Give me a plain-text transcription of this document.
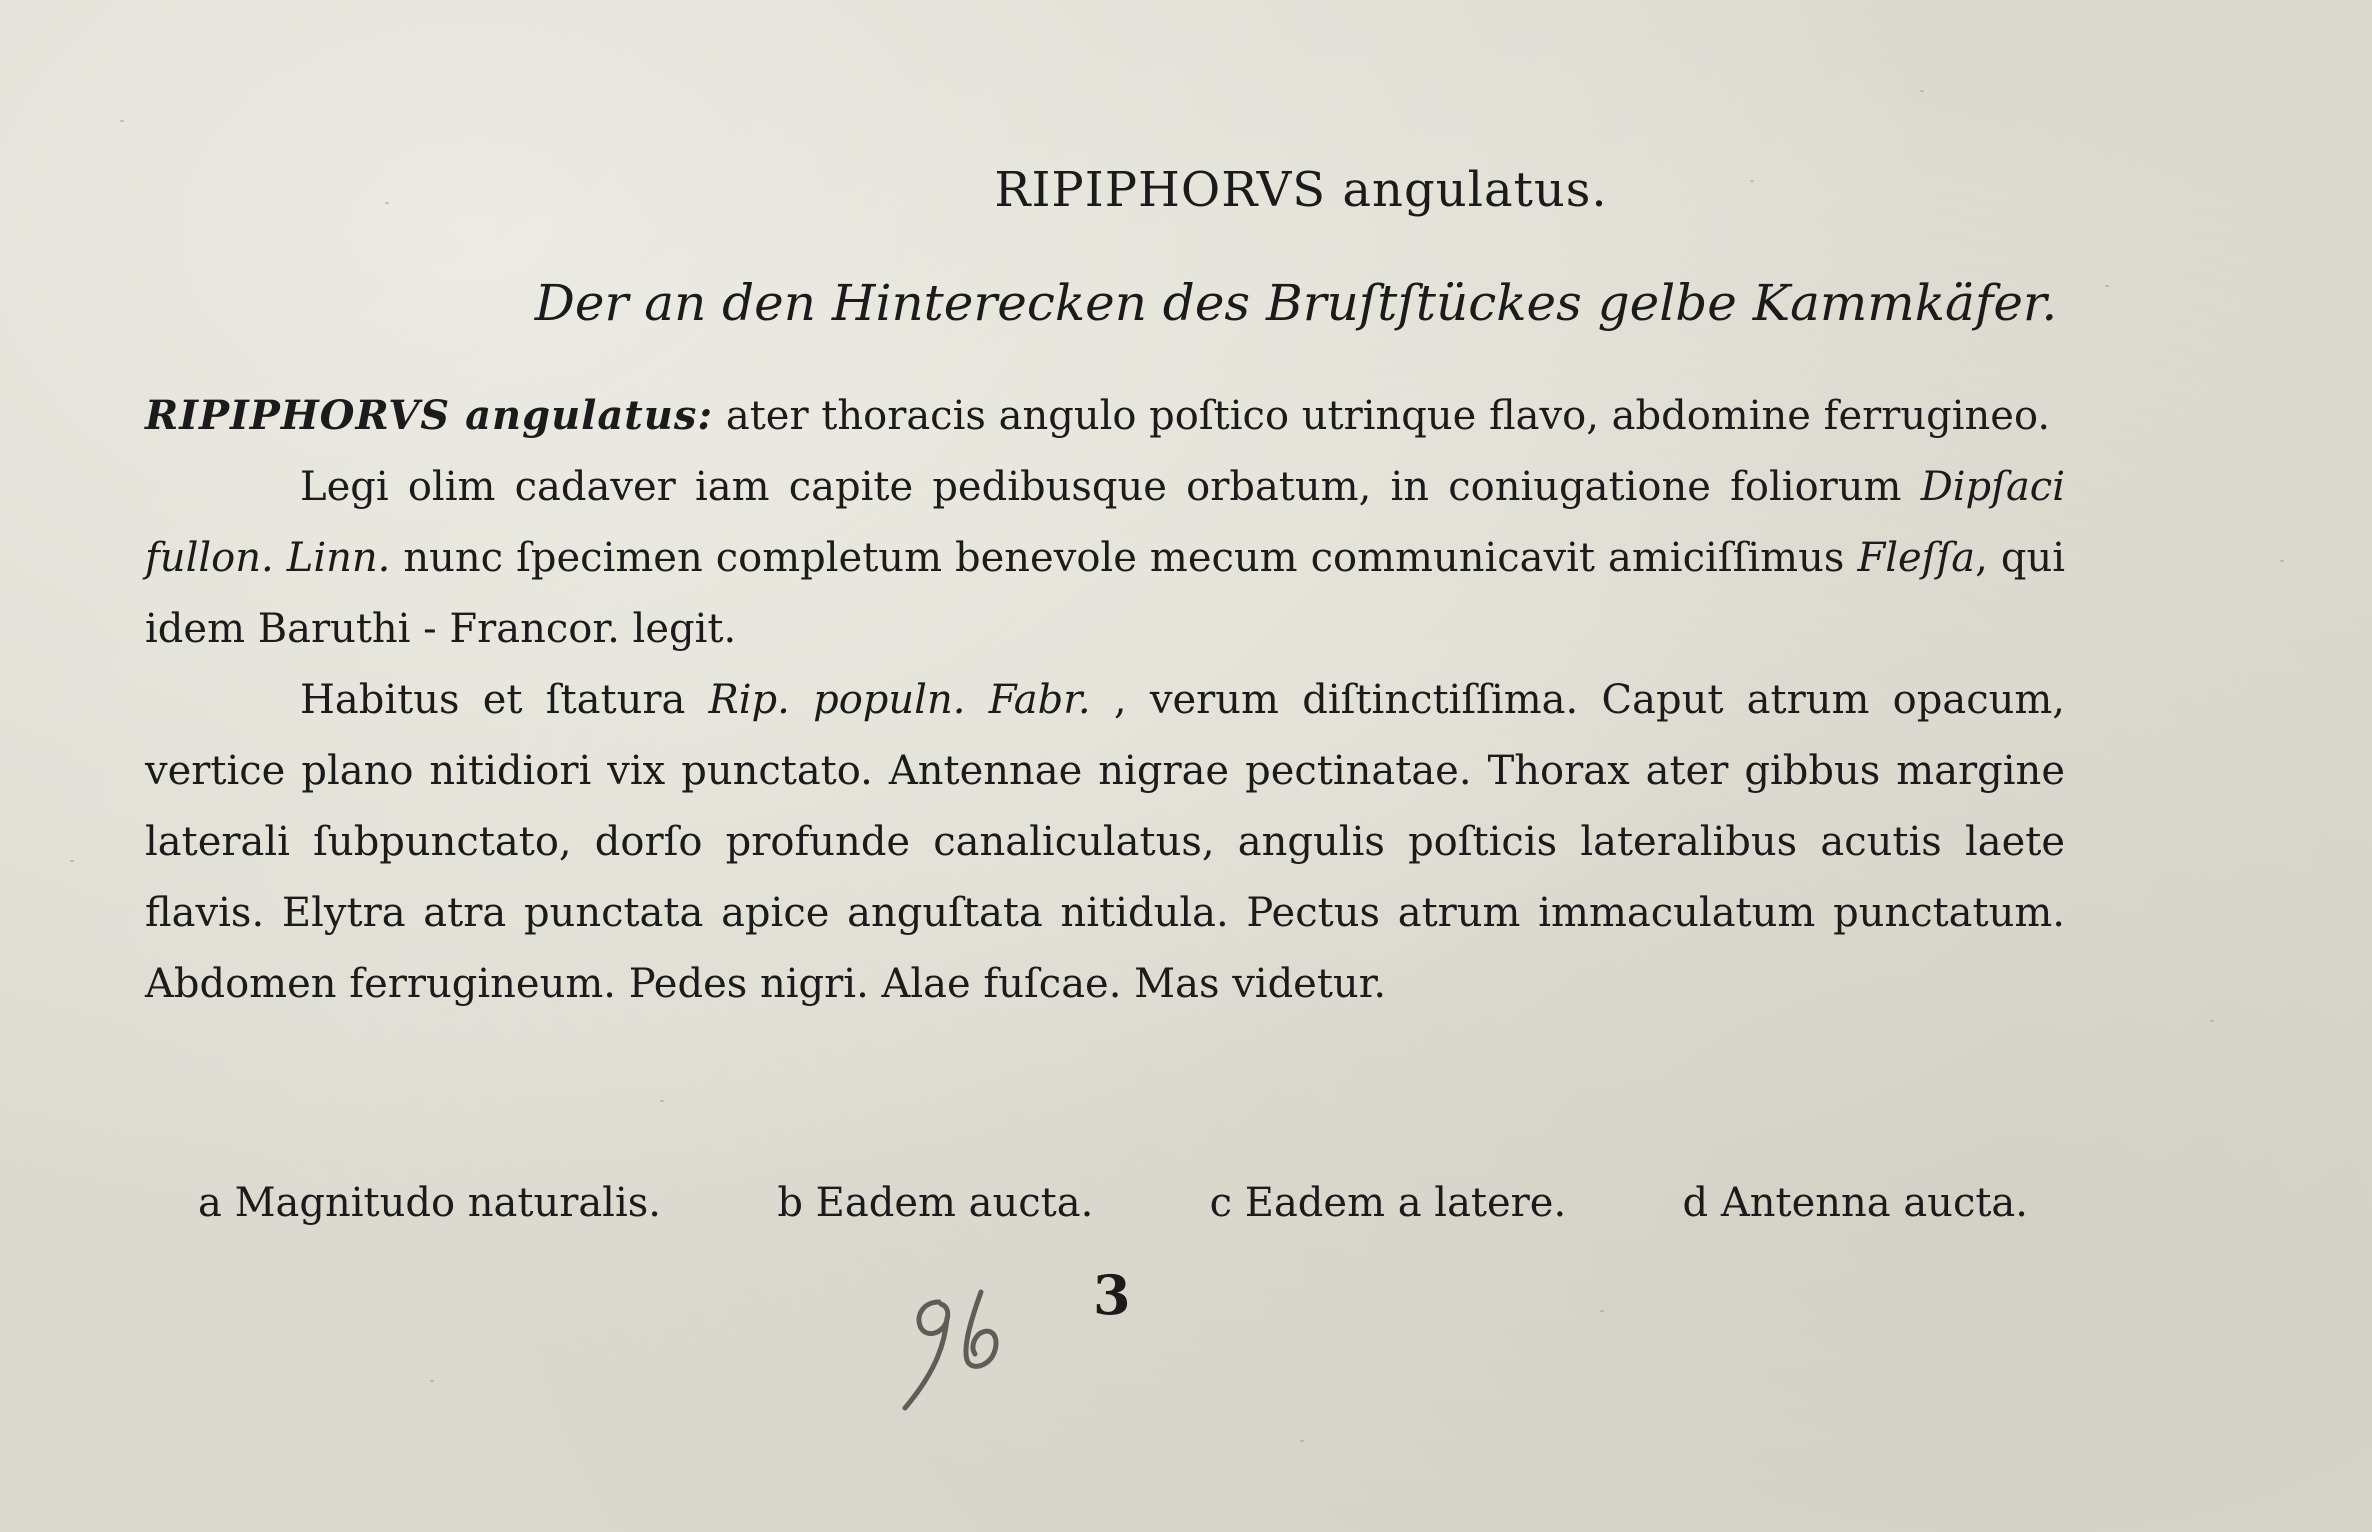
RIPIPHORVS angulatus.
Der an den Hinterecken des Bruſtſtückes gelbe Kammkäfer.

RIPIPHORVS angulatus: ater thoracis angulo poſtico utrinque flavo, abdomine ferrugineo.

Legi olim cadaver iam capite pedibusque orbatum, in coniugatione foliorum Dipſaci fullon. Linn. nunc ſpecimen completum benevole mecum communicavit amiciſſimus Fleſſa, qui idem Baruthi - Francor. legit.

Habitus et ſtatura Rip. populn. Fabr. , verum diſtinctiſſima. Caput atrum opacum, vertice plano nitidiori vix punctato. Antennae nigrae pectinatae. Thorax ater gibbus margine laterali ſubpunctato, dorſo profunde canaliculatus, angulis poſticis lateralibus acutis laete flavis. Elytra atra punctata apice anguſtata nitidula. Pectus atrum immaculatum punctatum. Abdomen ferrugineum. Pedes nigri. Alae fuſcae. Mas videtur.

a Magnitudo naturalis.	b Eadem aucta.	c Eadem a latere.	d Antenna aucta.
3
